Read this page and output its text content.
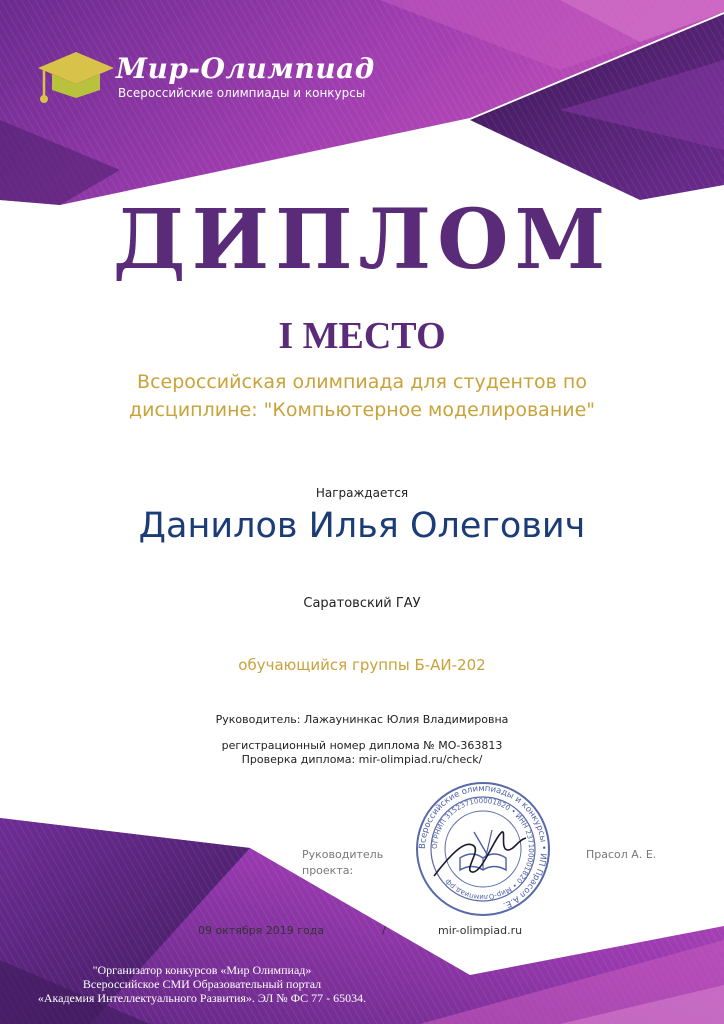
Мир-Олимпиад
Всероссийские олимпиады и конкурсы
ДИПЛОМ
I МЕСТО
Всероссийская олимпиада для студентов по
дисциплине: "Компьютерное моделирование"
Награждается
Данилов Илья Олегович
Саратовский ГАУ
обучающийся группы Б-АИ-202
Руководитель: Лажаунинкас Юлия Владимировна
регистрационный номер диплома № МО-363813
Проверка диплома: mir-olimpiad.ru/check/
Руководитель
проекта:
Прасол А. Е.
Всероссийские олимпиады и конкурсы • ИП Прасол А.Е.
ОГРНИП 315237100001820 • ИНН 237100001820 • Мир-Олимпиад.рф
09 октября 2019 года	/	mir-olimpiad.ru
"Организатор конкурсов «Мир Олимпиад»
Всероссийское СМИ Образовательный портал
«Академия Интеллектуального Развития». ЭЛ № ФС 77 - 65034.
